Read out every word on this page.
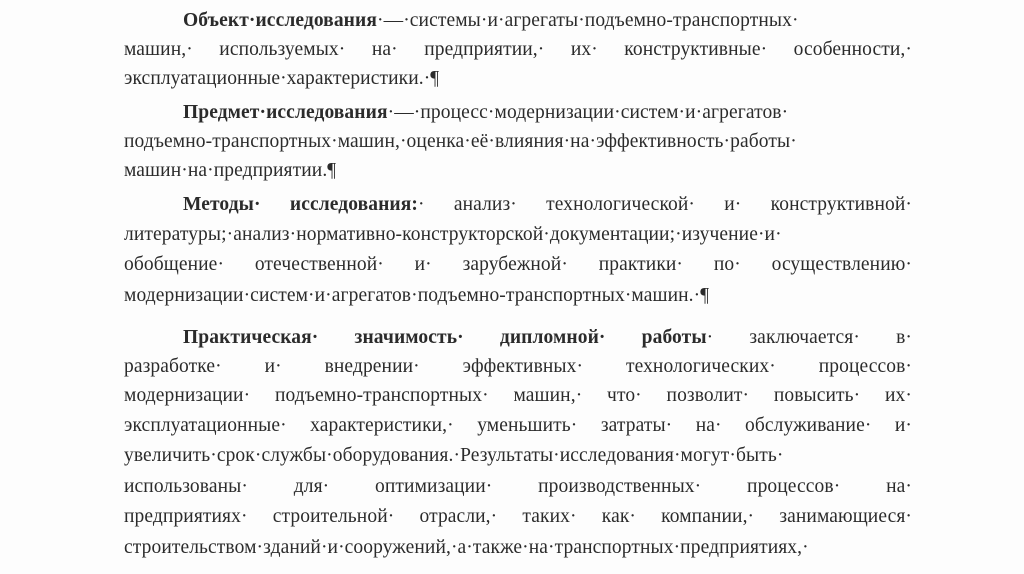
Объект·исследования·—·системы·и·агрегаты·подъемно-транспортных·
машин,· используемых· на· предприятии,· их· конструктивные· особенности,·
эксплуатационные·характеристики.·¶
Предмет·исследования·—·процесс·модернизации·систем·и·агрегатов·
подъемно-транспортных·машин,·оценка·её·влияния·на·эффективность·работы·
машин·на·предприятии.¶
Методы· исследования:· анализ· технологической· и· конструктивной·
литературы;·анализ·нормативно-конструкторской·документации;·изучение·и·
обобщение· отечественной· и· зарубежной· практики· по· осуществлению·
модернизации·систем·и·агрегатов·подъемно-транспортных·машин.·¶
Практическая· значимость· дипломной· работы· заключается· в·
разработке· и· внедрении· эффективных· технологических· процессов·
модернизации· подъемно-транспортных· машин,· что· позволит· повысить· их·
эксплуатационные· характеристики,· уменьшить· затраты· на· обслуживание· и·
увеличить·срок·службы·оборудования.·Результаты·исследования·могут·быть·
использованы· для· оптимизации· производственных· процессов· на·
предприятиях· строительной· отрасли,· таких· как· компании,· занимающиеся·
строительством·зданий·и·сооружений,·а·также·на·транспортных·предприятиях,·
